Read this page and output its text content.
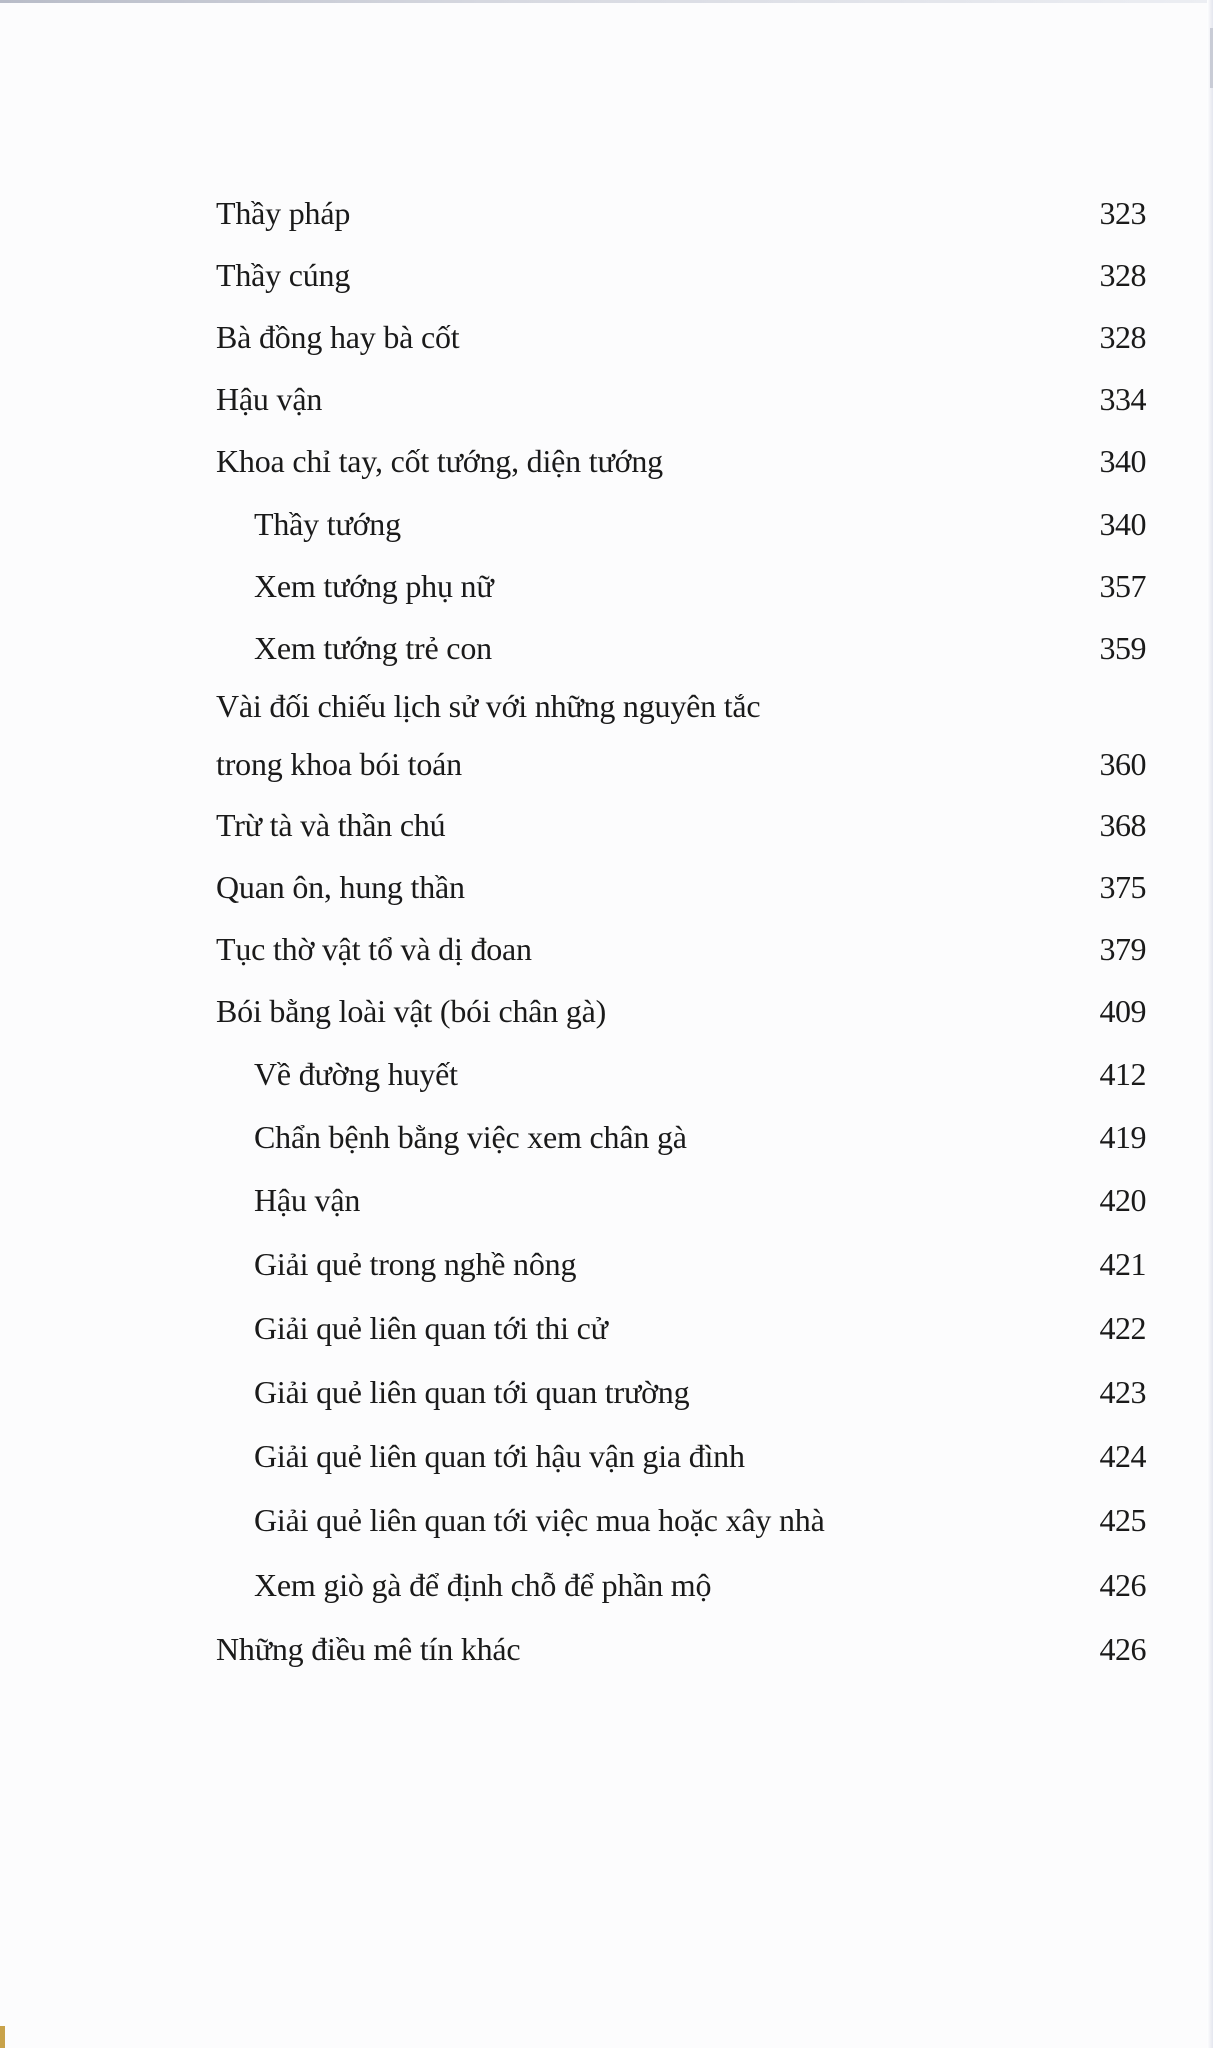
Thầy pháp	323
Thầy cúng	328
Bà đồng hay bà cốt	328
Hậu vận	334
Khoa chỉ tay, cốt tướng, diện tướng	340
Thầy tướng	340
Xem tướng phụ nữ	357
Xem tướng trẻ con	359
Vài đối chiếu lịch sử với những nguyên tắc
trong khoa bói toán	360
Trừ tà và thần chú	368
Quan ôn, hung thần	375
Tục thờ vật tổ và dị đoan	379
Bói bằng loài vật (bói chân gà)	409
Về đường huyết	412
Chẩn bệnh bằng việc xem chân gà	419
Hậu vận	420
Giải quẻ trong nghề nông	421
Giải quẻ liên quan tới thi cử	422
Giải quẻ liên quan tới quan trường	423
Giải quẻ liên quan tới hậu vận gia đình	424
Giải quẻ liên quan tới việc mua hoặc xây nhà	425
Xem giò gà để định chỗ để phần mộ	426
Những điều mê tín khác	426
